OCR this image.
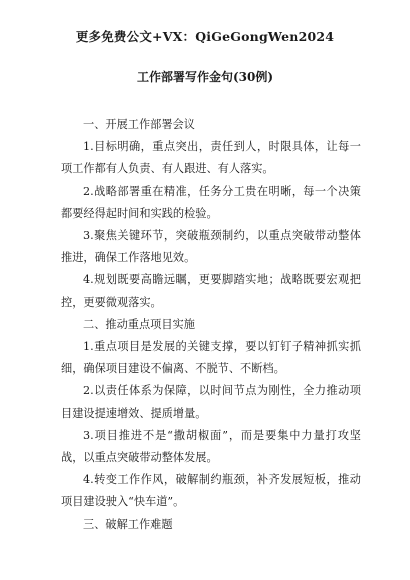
更多免费公文+VX：QiGeGongWen2024
工作部署写作金句(30例)

一、开展工作部署会议

1.目标明确，重点突出，责任到人，时限具体，让每一项工作都有人负责、有人跟进、有人落实。

2.战略部署重在精准，任务分工贵在明晰，每一个决策都要经得起时间和实践的检验。

3.聚焦关键环节，突破瓶颈制约，以重点突破带动整体推进，确保工作落地见效。

4.规划既要高瞻远瞩，更要脚踏实地；战略既要宏观把控，更要微观落实。

二、推动重点项目实施

1.重点项目是发展的关键支撑，要以钉钉子精神抓实抓细，确保项目建设不偏离、不脱节、不断档。

2.以责任体系为保障，以时间节点为刚性，全力推动项目建设提速增效、提质增量。

3.项目推进不是“撒胡椒面”，而是要集中力量打攻坚战，以重点突破带动整体发展。

4.转变工作作风，破解制约瓶颈，补齐发展短板，推动项目建设驶入“快车道”。

三、破解工作难题
